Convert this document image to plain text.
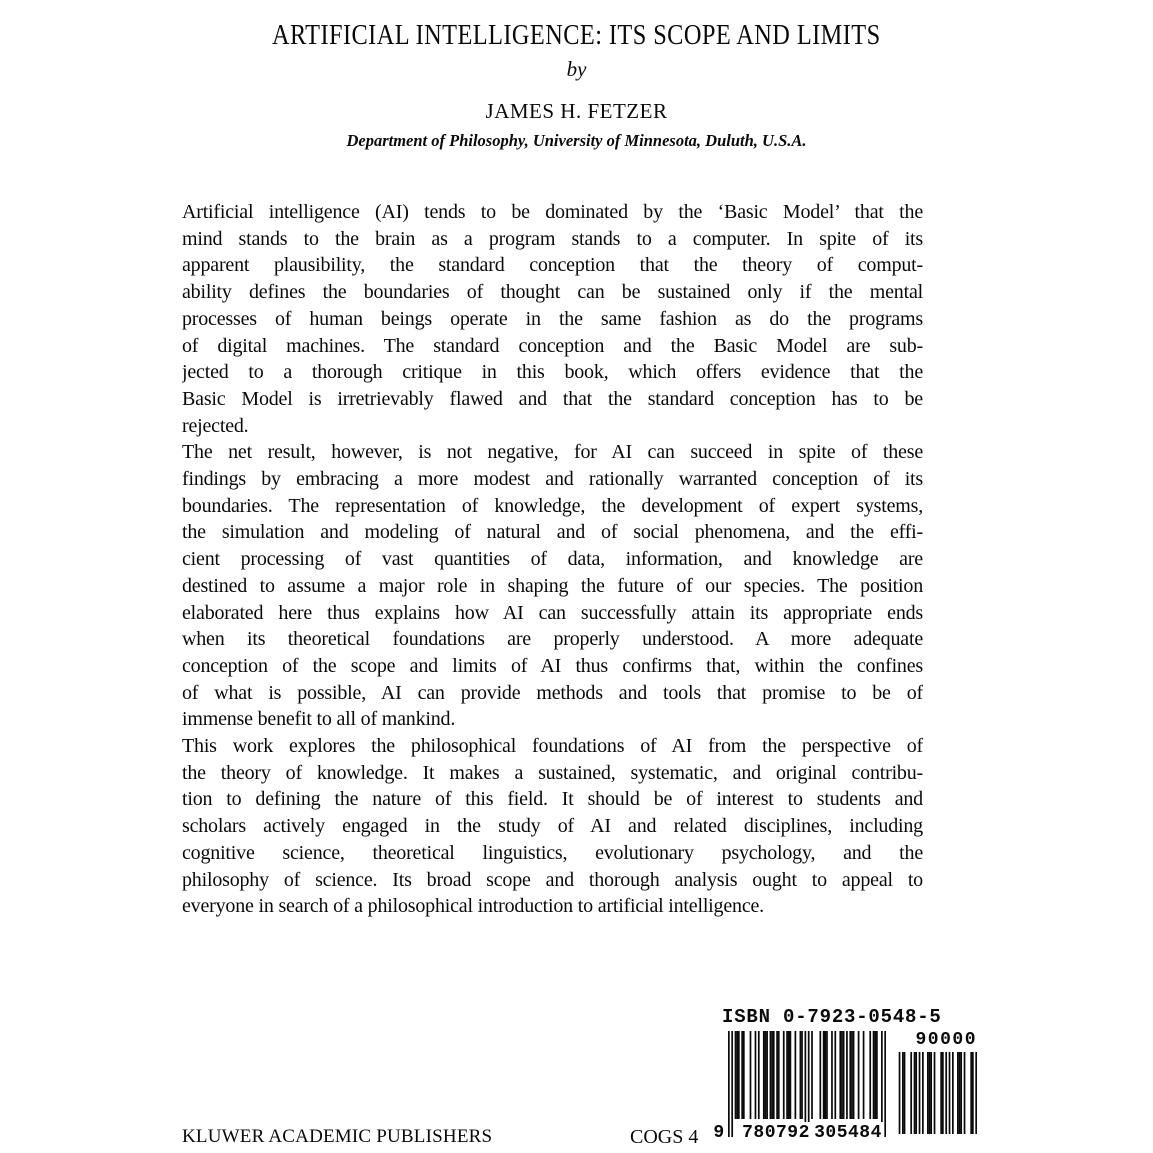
ARTIFICIAL INTELLIGENCE: ITS SCOPE AND LIMITS
by
JAMES H. FETZER
Department of Philosophy, University of Minnesota, Duluth, U.S.A.
Artificial intelligence (AI) tends to be dominated by the ‘Basic Model’ that the
mind stands to the brain as a program stands to a computer. In spite of its
apparent plausibility, the standard conception that the theory of comput-
ability defines the boundaries of thought can be sustained only if the mental
processes of human beings operate in the same fashion as do the programs
of digital machines. The standard conception and the Basic Model are sub-
jected to a thorough critique in this book, which offers evidence that the
Basic Model is irretrievably flawed and that the standard conception has to be
rejected.
The net result, however, is not negative, for AI can succeed in spite of these
findings by embracing a more modest and rationally warranted conception of its
boundaries. The representation of knowledge, the development of expert systems,
the simulation and modeling of natural and of social phenomena, and the effi-
cient processing of vast quantities of data, information, and knowledge are
destined to assume a major role in shaping the future of our species. The position
elaborated here thus explains how AI can successfully attain its appropriate ends
when its theoretical foundations are properly understood. A more adequate
conception of the scope and limits of AI thus confirms that, within the confines
of what is possible, AI can provide methods and tools that promise to be of
immense benefit to all of mankind.
This work explores the philosophical foundations of AI from the perspective of
the theory of knowledge. It makes a sustained, systematic, and original contribu-
tion to defining the nature of this field. It should be of interest to students and
scholars actively engaged in the study of AI and related disciplines, including
cognitive science, theoretical linguistics, evolutionary psychology, and the
philosophy of science. Its broad scope and thorough analysis ought to appeal to
everyone in search of a philosophical introduction to artificial intelligence.
ISBN 0-7923-0548-5
90000
9 780792 305484
KLUWER ACADEMIC PUBLISHERS	COGS 4
